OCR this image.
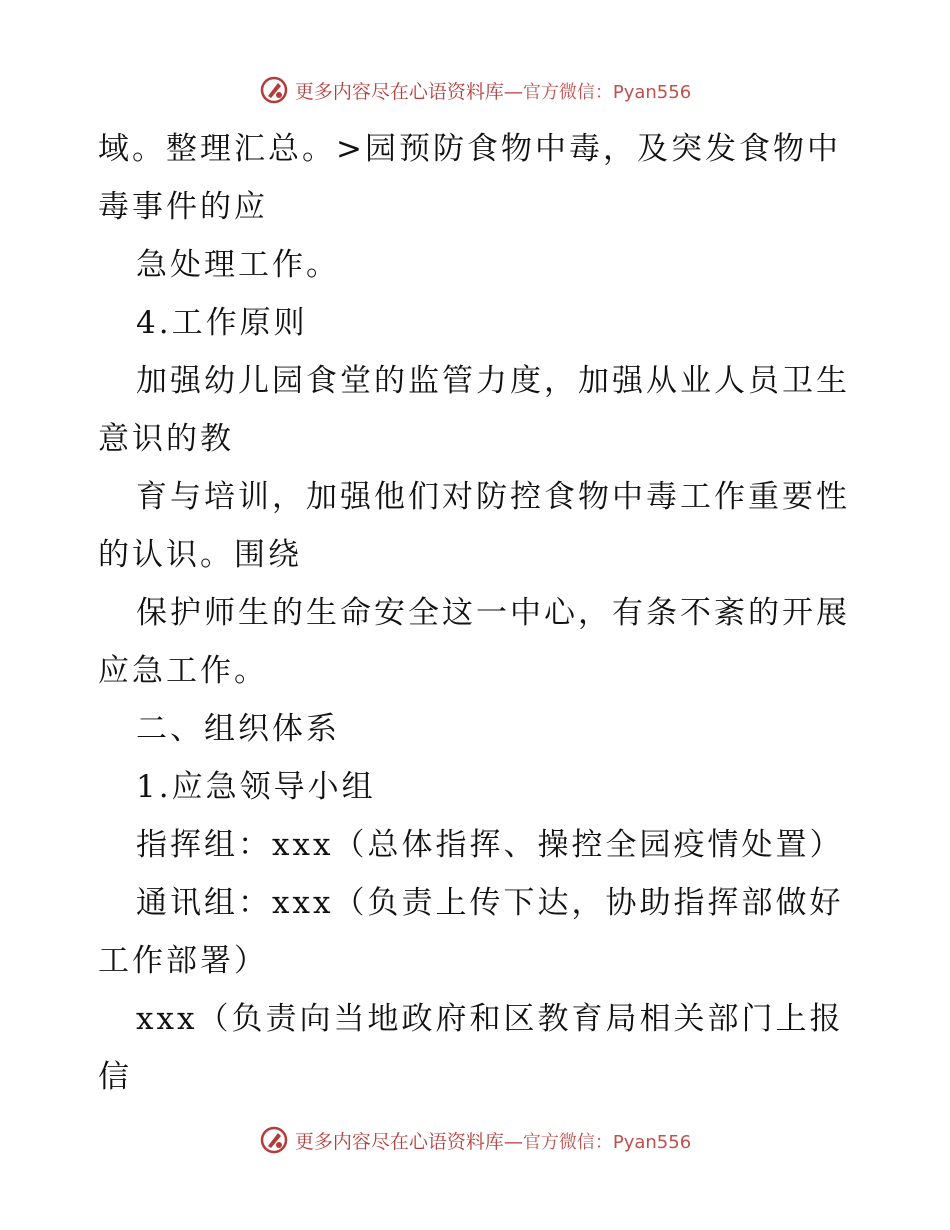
更多内容尽在心语资料库—官方微信：Pyan556
域。整理汇总。>园预防食物中毒，及突发食物中
毒事件的应
急处理工作。
4.工作原则
加强幼儿园食堂的监管力度，加强从业人员卫生
意识的教
育与培训，加强他们对防控食物中毒工作重要性
的认识。围绕
保护师生的生命安全这一中心，有条不紊的开展
应急工作。
二、组织体系
1.应急领导小组
指挥组：xxx（总体指挥、操控全园疫情处置）
通讯组：xxx（负责上传下达，协助指挥部做好
工作部署）
xxx（负责向当地政府和区教育局相关部门上报
信
更多内容尽在心语资料库—官方微信：Pyan556
